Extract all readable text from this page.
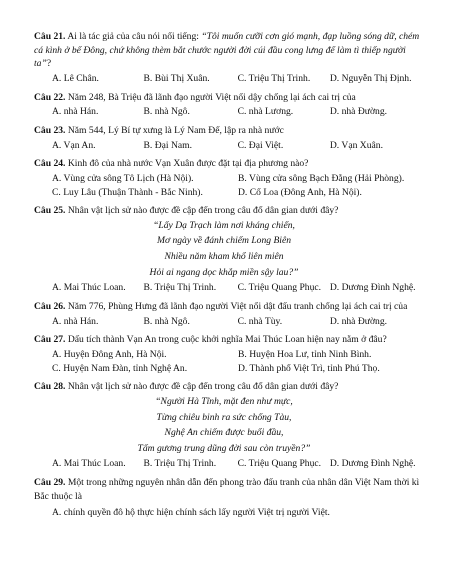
Câu 21. Ai là tác giả của câu nói nổi tiếng: “Tôi muốn cưỡi cơn gió mạnh, đạp luồng sóng dữ, chém cá kình ở bể Đông, chứ không thèm bắt chước người đời cúi đầu cong lưng để làm tì thiếp người ta”?
A. Lê Chân.	B. Bùi Thị Xuân.	C. Triệu Thị Trinh.	D. Nguyễn Thị Định.
Câu 22. Năm 248, Bà Triệu đã lãnh đạo người Việt nổi dậy chống lại ách cai trị của
A. nhà Hán.	B. nhà Ngô.	C. nhà Lương.	D. nhà Đường.
Câu 23. Năm 544, Lý Bí tự xưng là Lý Nam Đế, lập ra nhà nước
A. Vạn An.	B. Đại Nam.	C. Đại Việt.	D. Vạn Xuân.
Câu 24. Kinh đô của nhà nước Vạn Xuân được đặt tại địa phương nào?
A. Vùng cửa sông Tô Lịch (Hà Nội).	B. Vùng cửa sông Bạch Đằng (Hải Phòng).
C. Luy Lâu (Thuận Thành - Bắc Ninh).	D. Cổ Loa (Đông Anh, Hà Nội).
Câu 25. Nhân vật lịch sử nào được đề cập đến trong câu đố dân gian dưới đây?
“Lấy Dạ Trạch làm nơi kháng chiến,
Mơ ngày về đánh chiếm Long Biên
Nhiều năm kham khổ liên miên
Hỏi ai ngang dọc khắp miền sậy lau?”
A. Mai Thúc Loan.	B. Triệu Thị Trinh.	C. Triệu Quang Phục. D. Dương Đình Nghệ.
Câu 26. Năm 776, Phùng Hưng đã lãnh đạo người Việt nổi dật đấu tranh chống lại ách cai trị của
A. nhà Hán.	B. nhà Ngô.	C. nhà Tùy.	D. nhà Đường.
Câu 27. Dấu tích thành Vạn An trong cuộc khởi nghĩa Mai Thúc Loan hiện nay nằm ở đâu?
A. Huyện Đông Anh, Hà Nội.	B. Huyện Hoa Lư, tỉnh Ninh Bình.
C. Huyện Nam Đàn, tỉnh Nghệ An.	D. Thành phố Việt Trì, tỉnh Phú Thọ.
Câu 28. Nhân vật lịch sử nào được đề cập đến trong câu đố dân gian dưới đây?
“Người Hà Tĩnh, mặt đen như mực,
Từng chiêu binh ra sức chống Tàu,
Nghệ An chiếm được buổi đầu,
Tấm gương trung dũng đời sau còn truyền?”
A. Mai Thúc Loan.	B. Triệu Thị Trinh.	C. Triệu Quang Phục. D. Dương Đình Nghệ.
Câu 29. Một trong những nguyên nhân dẫn đến phong trào đấu tranh của nhân dân Việt Nam thời kì Bắc thuộc là
A. chính quyền đô hộ thực hiện chính sách lấy người Việt trị người Việt.
